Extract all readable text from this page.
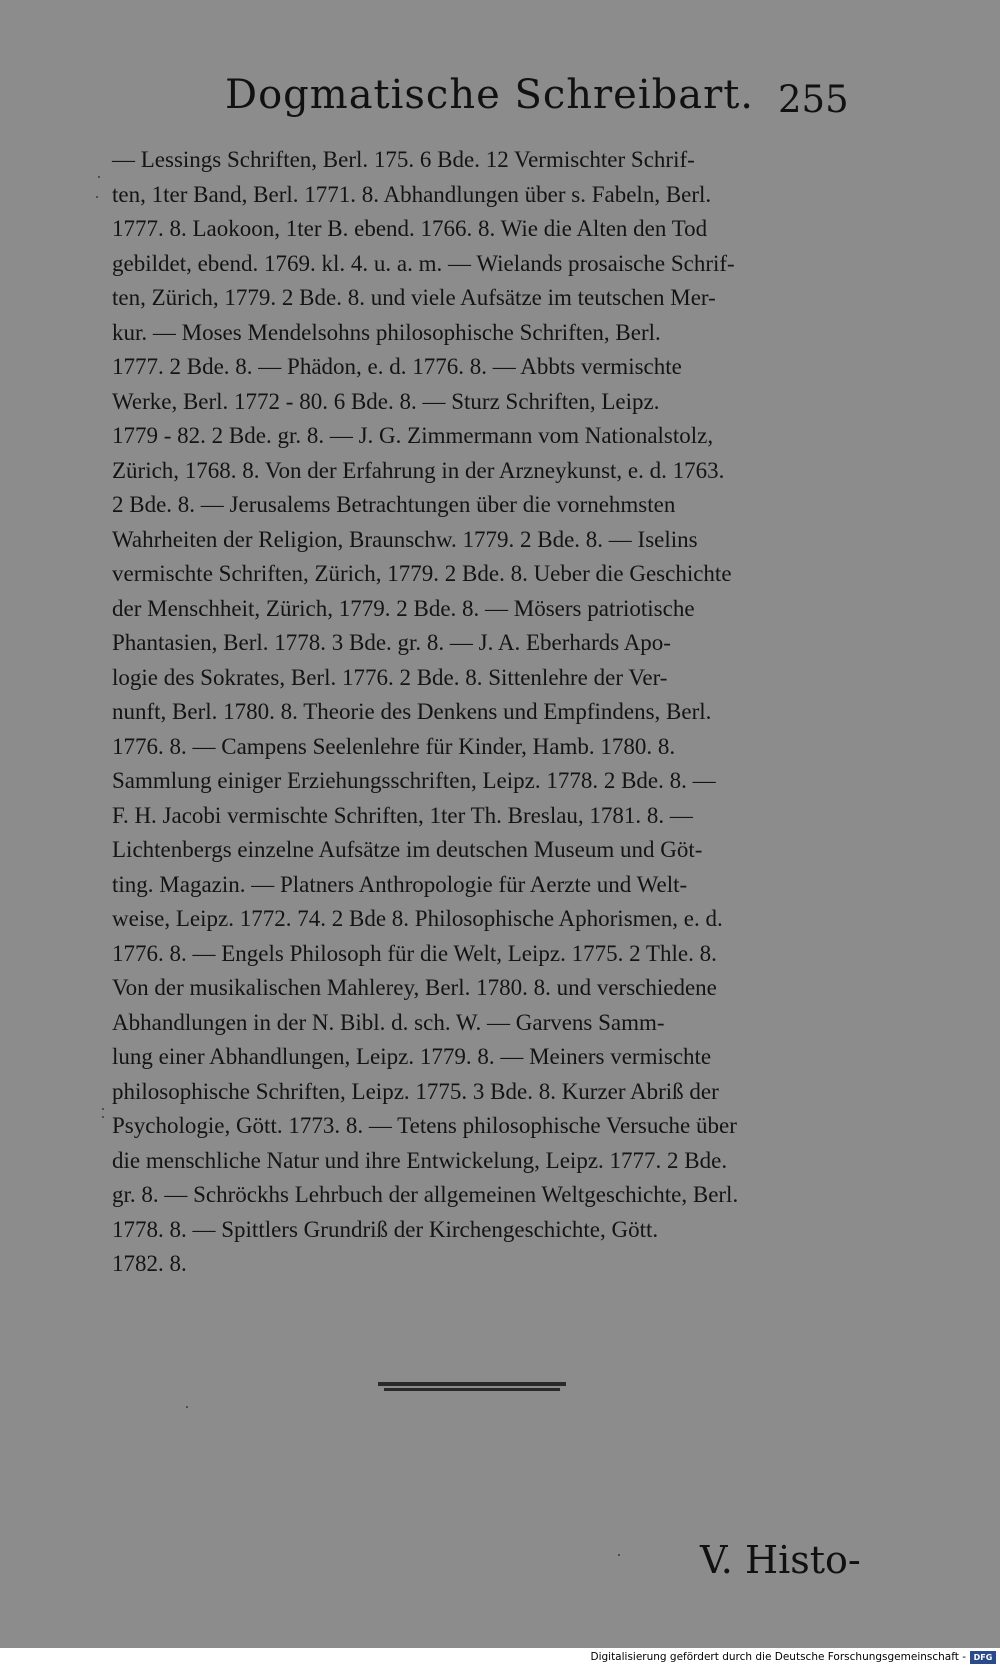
Dogmatische Schreibart. 255
— Lessings Schriften, Berl. 175. 6 Bde. 12 Vermischter Schrif-
ten, 1ter Band, Berl. 1771. 8. Abhandlungen über s. Fabeln, Berl.
1777. 8. Laokoon, 1ter B. ebend. 1766. 8. Wie die Alten den Tod
gebildet, ebend. 1769. kl. 4. u. a. m. — Wielands prosaische Schrif-
ten, Zürich, 1779. 2 Bde. 8. und viele Aufsätze im teutschen Mer-
kur. — Moses Mendelsohns philosophische Schriften, Berl.
1777. 2 Bde. 8. — Phädon, e. d. 1776. 8. — Abbts vermischte
Werke, Berl. 1772 - 80. 6 Bde. 8. — Sturz Schriften, Leipz.
1779 - 82. 2 Bde. gr. 8. — J. G. Zimmermann vom Nationalstolz,
Zürich, 1768. 8. Von der Erfahrung in der Arzneykunst, e. d. 1763.
2 Bde. 8. — Jerusalems Betrachtungen über die vornehmsten
Wahrheiten der Religion, Braunschw. 1779. 2 Bde. 8. — Iselins
vermischte Schriften, Zürich, 1779. 2 Bde. 8. Ueber die Geschichte
der Menschheit, Zürich, 1779. 2 Bde. 8. — Mösers patriotische
Phantasien, Berl. 1778. 3 Bde. gr. 8. — J. A. Eberhards Apo-
logie des Sokrates, Berl. 1776. 2 Bde. 8. Sittenlehre der Ver-
nunft, Berl. 1780. 8. Theorie des Denkens und Empfindens, Berl.
1776. 8. — Campens Seelenlehre für Kinder, Hamb. 1780. 8.
Sammlung einiger Erziehungsschriften, Leipz. 1778. 2 Bde. 8. —
F. H. Jacobi vermischte Schriften, 1ter Th. Breslau, 1781. 8. —
Lichtenbergs einzelne Aufsätze im deutschen Museum und Göt-
ting. Magazin. — Platners Anthropologie für Aerzte und Welt-
weise, Leipz. 1772. 74. 2 Bde 8. Philosophische Aphorismen, e. d.
1776. 8. — Engels Philosoph für die Welt, Leipz. 1775. 2 Thle. 8.
Von der musikalischen Mahlerey, Berl. 1780. 8. und verschiedene
Abhandlungen in der N. Bibl. d. sch. W. — Garvens Samm-
lung einer Abhandlungen, Leipz. 1779. 8. — Meiners vermischte
philosophische Schriften, Leipz. 1775. 3 Bde. 8. Kurzer Abriß der
Psychologie, Gött. 1773. 8. — Tetens philosophische Versuche über
die menschliche Natur und ihre Entwickelung, Leipz. 1777. 2 Bde.
gr. 8. — Schröckhs Lehrbuch der allgemeinen Weltgeschichte, Berl.
1778. 8. — Spittlers Grundriß der Kirchengeschichte, Gött.
1782. 8.
V. Histo-
Digitalisierung gefördert durch die Deutsche Forschungsgemeinschaft - DFG
